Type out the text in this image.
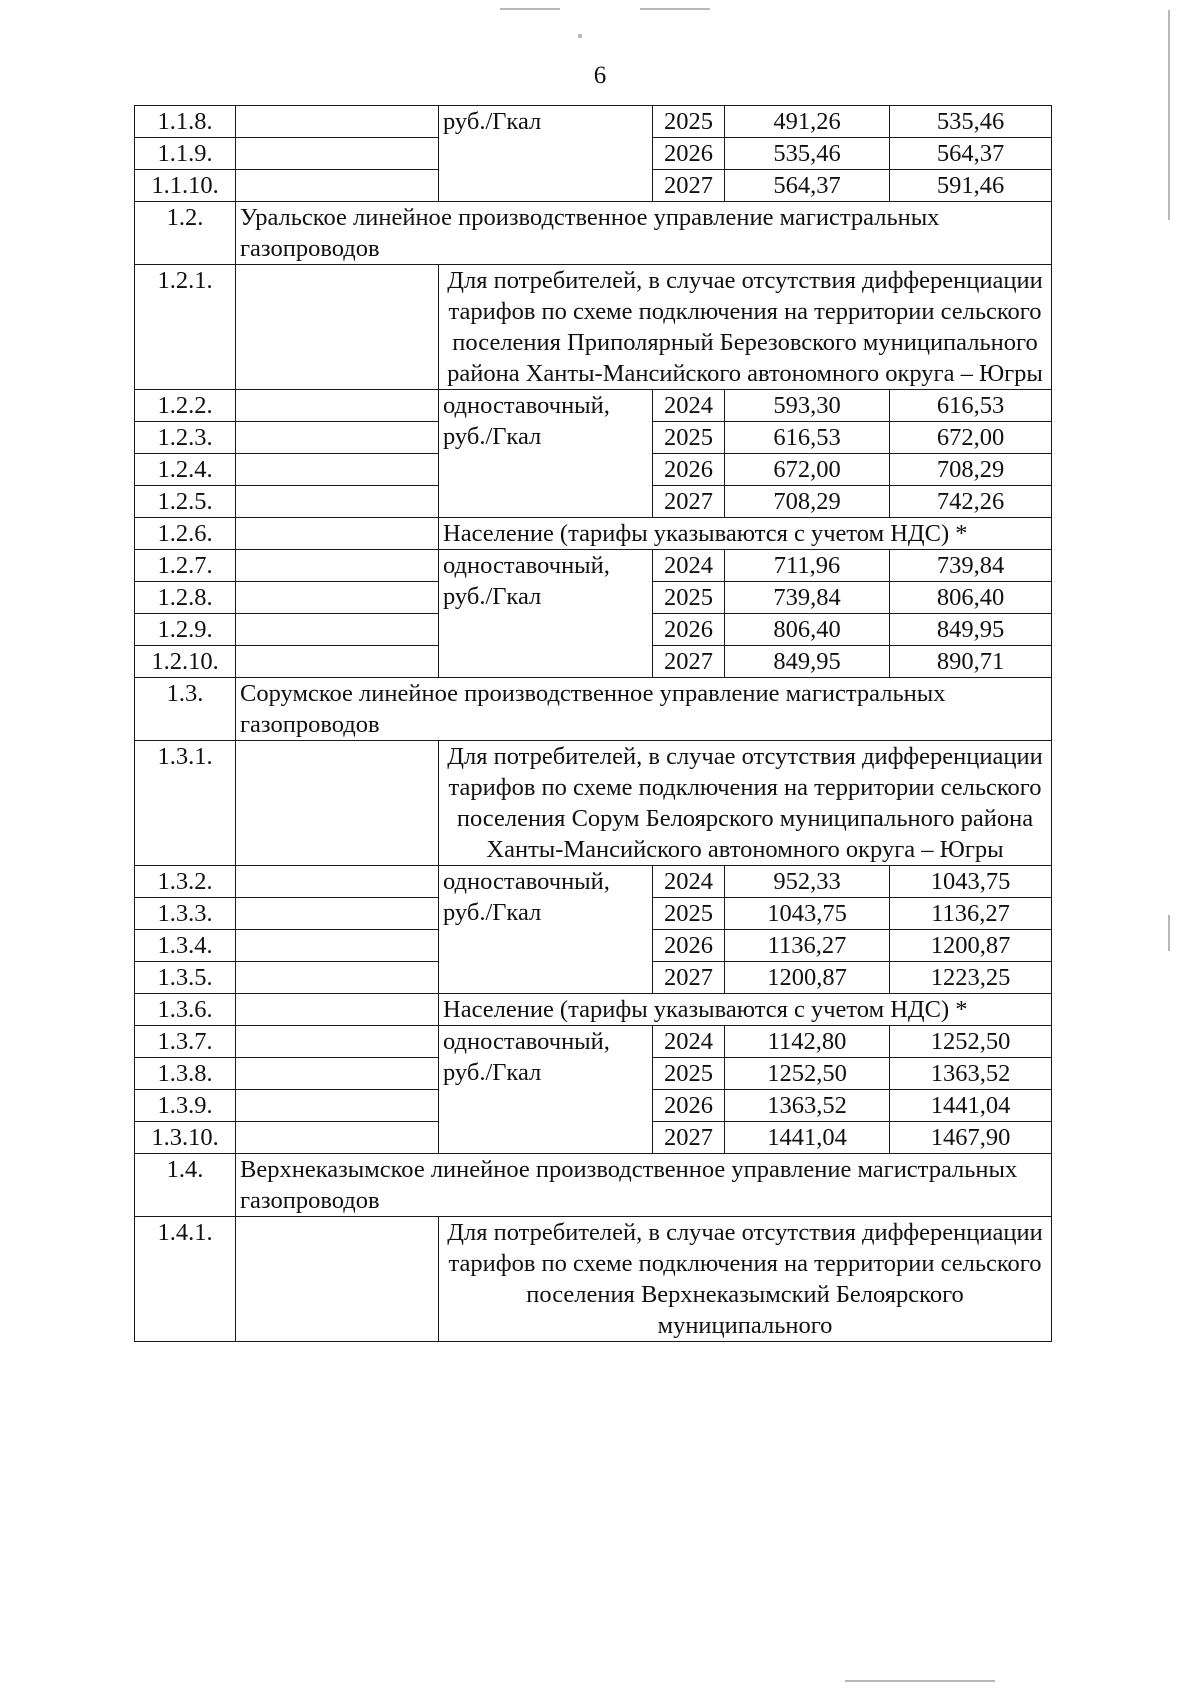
6
1.1.8.		руб./Гкал	2025	491,26	535,46
1.1.9.			2026	535,46	564,37
1.1.10.			2027	564,37	591,46
1.2.	Уральское линейное производственное управление магистральных газопроводов				
1.2.1.		Для потребителей, в случае отсутствия дифференциации тарифов по схеме подключения на территории сельского поселения Приполярный Березовского муниципального района Ханты-Мансийского автономного округа – Югры			
1.2.2.		одноставочный, руб./Гкал	2024	593,30	616,53
1.2.3.			2025	616,53	672,00
1.2.4.			2026	672,00	708,29
1.2.5.			2027	708,29	742,26
1.2.6.		Население (тарифы указываются с учетом НДС) *			
1.2.7.		одноставочный, руб./Гкал	2024	711,96	739,84
1.2.8.			2025	739,84	806,40
1.2.9.			2026	806,40	849,95
1.2.10.			2027	849,95	890,71
1.3.	Сорумское линейное производственное управление магистральных газопроводов				
1.3.1.		Для потребителей, в случае отсутствия дифференциации тарифов по схеме подключения на территории сельского поселения Сорум Белоярского муниципального района Ханты-Мансийского автономного округа – Югры			
1.3.2.		одноставочный, руб./Гкал	2024	952,33	1043,75
1.3.3.			2025	1043,75	1136,27
1.3.4.			2026	1136,27	1200,87
1.3.5.			2027	1200,87	1223,25
1.3.6.		Население (тарифы указываются с учетом НДС) *			
1.3.7.		одноставочный, руб./Гкал	2024	1142,80	1252,50
1.3.8.			2025	1252,50	1363,52
1.3.9.			2026	1363,52	1441,04
1.3.10.			2027	1441,04	1467,90
1.4.	Верхнеказымское линейное производственное управление магистральных газопроводов				
1.4.1.		Для потребителей, в случае отсутствия дифференциации тарифов по схеме подключения на территории сельского поселения Верхнеказымский Белоярского муниципального			
